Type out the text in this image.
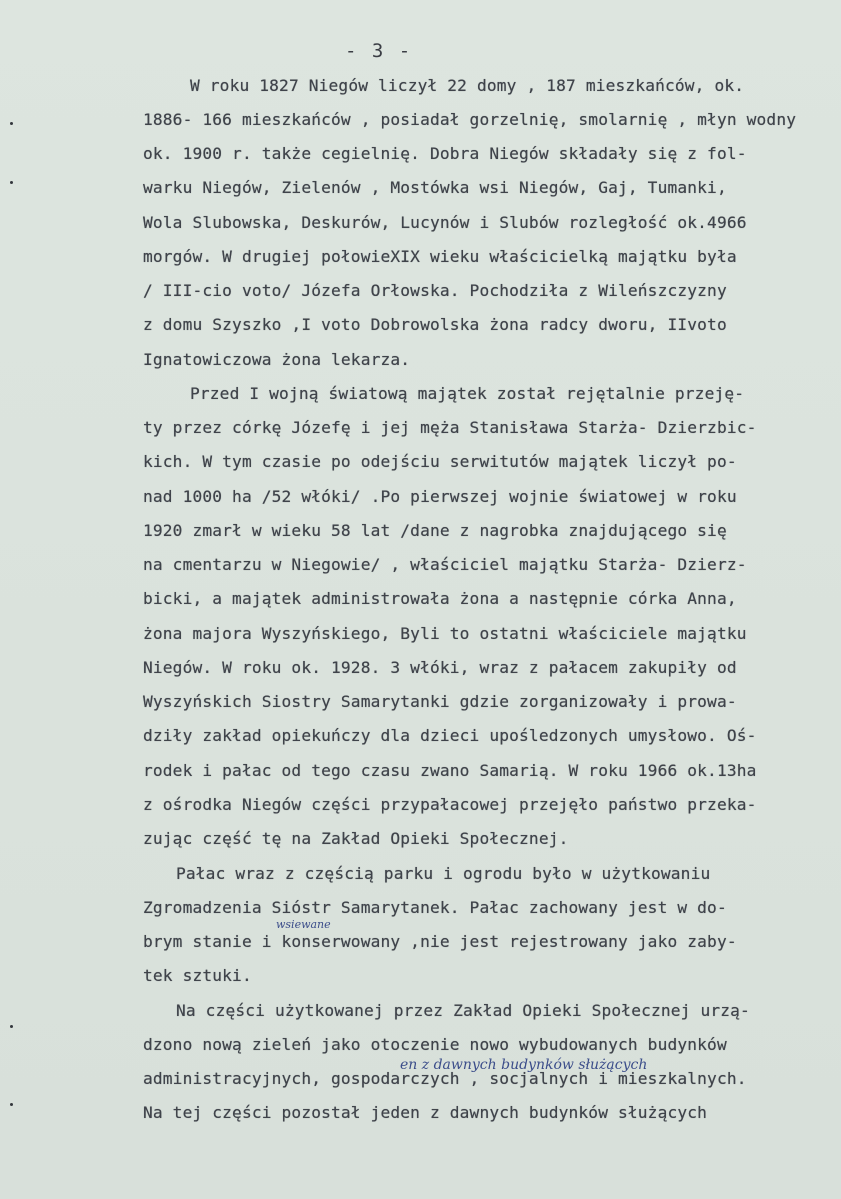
- 3 -
W roku 1827 Niegów liczył 22 domy , 187 mieszkańców, ok.
1886- 166 mieszkańców , posiadał gorzelnię, smolarnię , młyn wodny
ok. 1900 r. także cegielnię. Dobra Niegów składały się z fol-
warku Niegów, Zielenów , Mostówka wsi Niegów, Gaj, Tumanki,
Wola Slubowska, Deskurów, Lucynów i Slubów rozległość ok.4966
morgów. W drugiej połowieXIX wieku właścicielką majątku była
/ III-cio voto/ Józefa Orłowska. Pochodziła z Wileńszczyzny
z domu Szyszko ,I voto Dobrowolska żona radcy dworu, IIvoto
Ignatowiczowa żona lekarza.
Przed I wojną światową majątek został rejętalnie przeję-
ty przez córkę Józefę i jej męża Stanisława Starża- Dzierzbic-
kich. W tym czasie po odejściu serwitutów majątek liczył po-
nad 1000 ha /52 włóki/ .Po pierwszej wojnie światowej w roku
1920 zmarł w wieku 58 lat /dane z nagrobka znajdującego się
na cmentarzu w Niegowie/ , właściciel majątku Starża- Dzierz-
bicki, a majątek administrowała żona a następnie córka Anna,
żona majora Wyszyńskiego, Byli to ostatni właściciele majątku
Niegów. W roku ok. 1928. 3 włóki, wraz z pałacem zakupiły od
Wyszyńskich Siostry Samarytanki gdzie zorganizowały i prowa-
dziły zakład opiekuńczy dla dzieci upośledzonych umysłowo. Oś-
rodek i pałac od tego czasu zwano Samarią. W roku 1966 ok.13ha
z ośrodka Niegów części przypałacowej przejęło państwo przeka-
zując część tę na Zakład Opieki Społecznej.
Pałac wraz z częścią parku i ogrodu było w użytkowaniu
Zgromadzenia Sióstr Samarytanek. Pałac zachowany jest w do-
wsiewane
brym stanie i konserwowany ,nie jest rejestrowany jako zaby-
tek sztuki.
Na części użytkowanej przez Zakład Opieki Społecznej urzą-
dzono nową zieleń jako otoczenie nowo wybudowanych budynków
en z dawnych budynków służących
administracyjnych, gospodarczych , socjalnych i mieszkalnych.
Na tej części pozostał jeden z dawnych budynków służących
